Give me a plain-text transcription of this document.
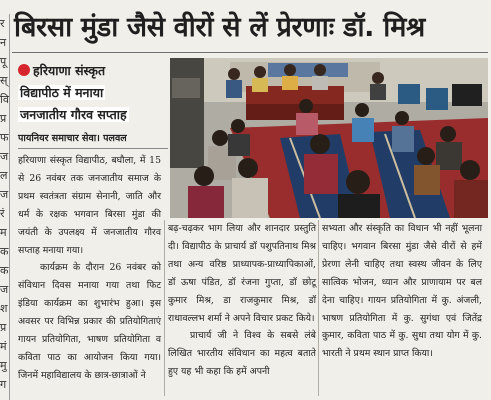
र
न
पू
स्
वि
प्र
फ
ज
ल
ज
रं
म
क
क
ज
श
प्र
मं
मु
ग
बिरसा मुंडा जैसे वीरों से लें प्रेरणाः डॉ. मिश्र
हरियाणा संस्कृत
विद्यापीठ में मनाया
जनजातीय गौरव सप्ताह
पायनियर समाचार सेवा। पलवल

हरियाणा संस्कृत विद्यापीठ, बघौला, में 15 से 26 नवंबर तक जनजातीय समाज के प्रथम स्वतंत्रता संग्राम सेनानी, जाति और धर्म के रक्षक भगवान बिरसा मुंडा की जयंती के उपलक्ष्य में जनजातीय गौरव सप्ताह मनाया गया।

कार्यक्रम के दौरान 26 नवंबर को संविधान दिवस मनाया गया तथा फिट इंडिया कार्यक्रम का शुभारंभ हुआ। इस अवसर पर विभिन्न प्रकार की प्रतियोगिताएं गायन प्रतियोगिता, भाषण प्रतियोगिता व कविता पाठ का आयोजन किया गया। जिनमें महाविद्यालय के छात्र-छात्राओं ने

बढ़-चढ़कर भाग लिया और शानदार प्रस्तुति दी। विद्यापीठ के प्राचार्य डॉ पशुपतिनाथ मिश्र तथा अन्य वरिष्ठ प्राध्यापक-प्राध्यापिकाओं, डॉ ऊषा पंडित, डॉ रंजना गुप्ता, डॉ छोटू कुमार मिश्र, डा राजकुमार मिश्र, डॉ राधावल्लभ शर्मा ने अपने विचार प्रकट किये।

प्राचार्य जी ने विश्व के सबसे लंबे लिखित भारतीय संविधान का महत्व बताते हुए यह भी कहा कि हमें अपनी

सभ्यता और संस्कृति का विधान भी नहीं भूलना चाहिए। भगवान बिरसा मुंडा जैसे वीरों से हमें प्रेरणा लेनी चाहिए तथा स्वस्थ जीवन के लिए सात्विक भोजन, ध्यान और प्राणायाम पर बल देना चाहिए। गायन प्रतियोगिता में कु. अंजली, भाषण प्रतियोगिता में कु. सुगंधा एवं जितेंद्र कुमार, कविता पाठ में कु. सुधा तथा योग में कु. भारती ने प्रथम स्थान प्राप्त किया।
